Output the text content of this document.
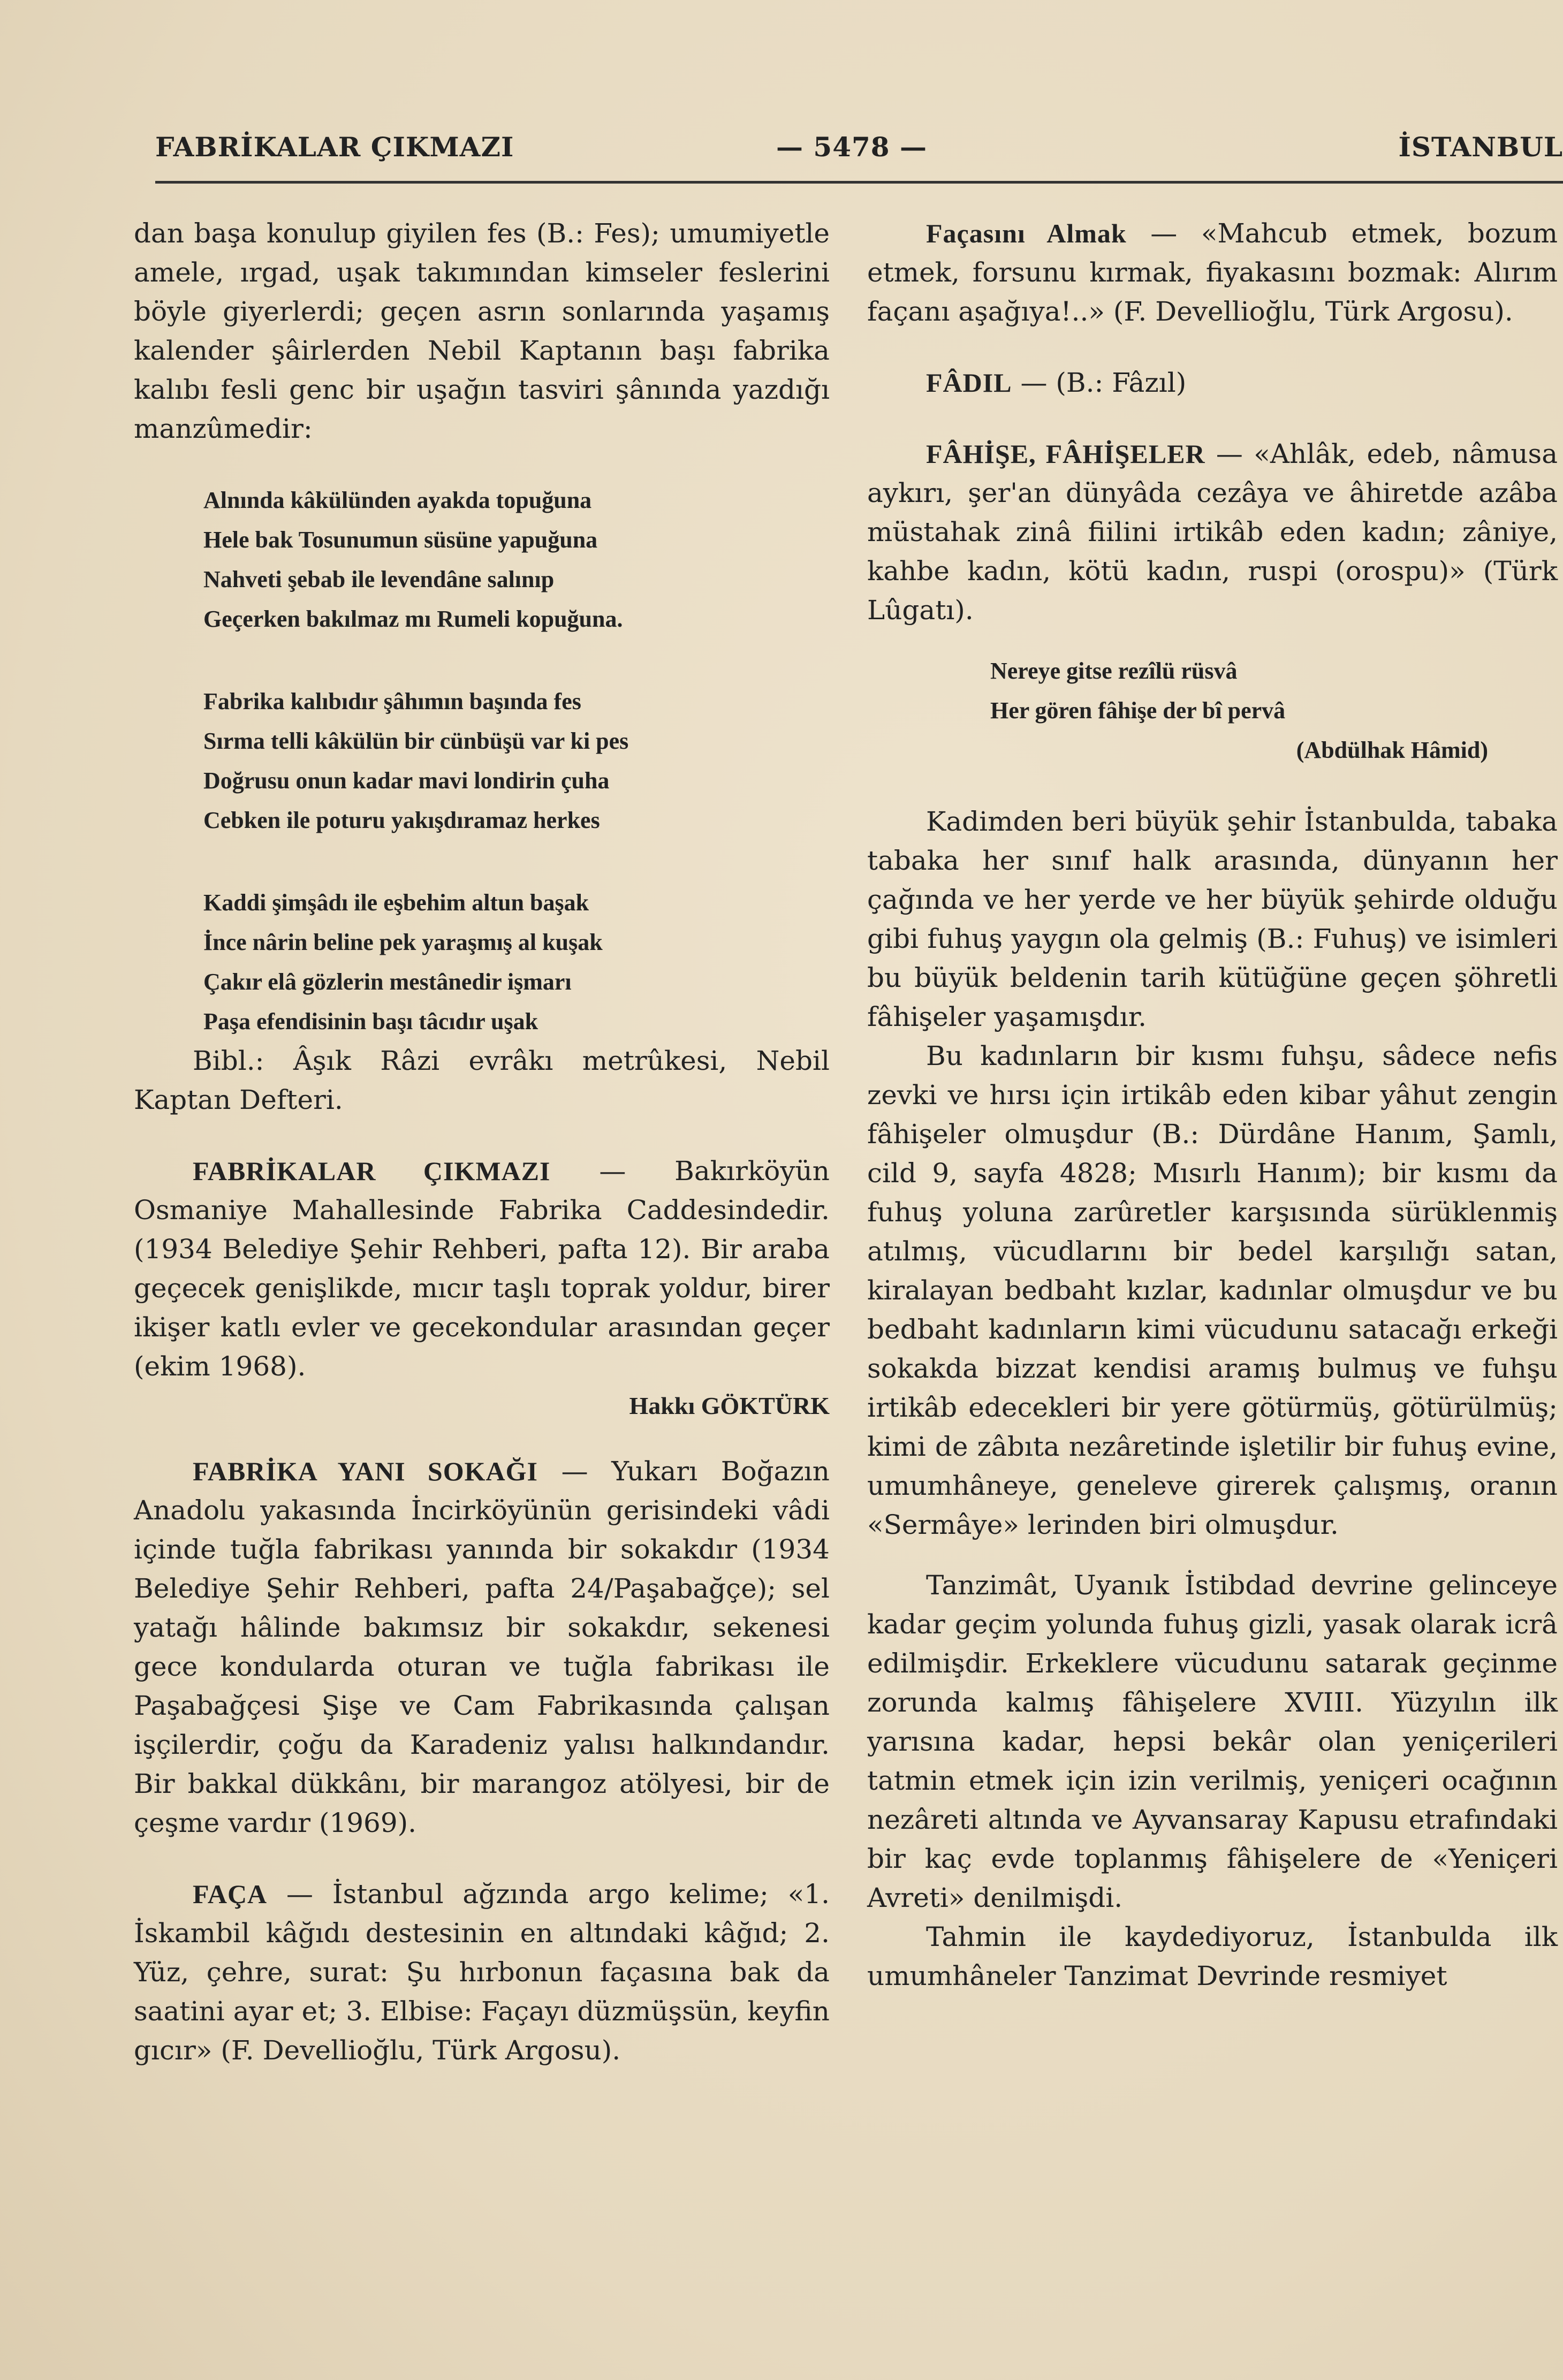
FABRİKALAR ÇIKMAZI	— 5478 —	İSTANBUL

dan başa konulup giyilen fes (B.: Fes); umumiyetle amele, ırgad, uşak takımından kimseler feslerini böyle giyerlerdi; geçen asrın sonlarında yaşamış kalender şâirlerden Nebil Kaptanın başı fabrika kalıbı fesli genc bir uşağın tasviri şânında yazdığı manzûmedir:

Alnında kâkülünden ayakda topuğuna
Hele bak Tosunumun süsüne yapuğuna
Nahveti şebab ile levendâne salınıp
Geçerken bakılmaz mı Rumeli kopuğuna.
Fabrika kalıbıdır şâhımın başında fes
Sırma telli kâkülün bir cünbüşü var ki pes
Doğrusu onun kadar mavi londirin çuha
Cebken ile poturu yakışdıramaz herkes
Kaddi şimşâdı ile eşbehim altun başak
İnce nârin beline pek yaraşmış al kuşak
Çakır elâ gözlerin mestânedir işmarı
Paşa efendisinin başı tâcıdır uşak

Bibl.: Âşık Râzi evrâkı metrûkesi, Nebil Kaptan Defteri.

FABRİKALAR ÇIKMAZI — Bakırköyün Osmaniye Mahallesinde Fabrika Caddesindedir. (1934 Belediye Şehir Rehberi, pafta 12). Bir araba geçecek genişlikde, mıcır taşlı toprak yoldur, birer ikişer katlı evler ve gecekondular arasından geçer (ekim 1968).

Hakkı GÖKTÜRK

FABRİKA YANI SOKAĞI — Yukarı Boğazın Anadolu yakasında İncirköyünün gerisindeki vâdi içinde tuğla fabrikası yanında bir sokakdır (1934 Belediye Şehir Rehberi, pafta 24/Paşabağçe); sel yatağı hâlinde bakımsız bir sokakdır, sekenesi gece kondularda oturan ve tuğla fabrikası ile Paşabağçesi Şişe ve Cam Fabrikasında çalışan işçilerdir, çoğu da Karadeniz yalısı halkındandır. Bir bakkal dükkânı, bir marangoz atölyesi, bir de çeşme vardır (1969).

FAÇA — İstanbul ağzında argo kelime; «1. İskambil kâğıdı destesinin en altındaki kâğıd; 2. Yüz, çehre, surat: Şu hırbonun façasına bak da saatini ayar et; 3. Elbise: Façayı düzmüşsün, keyfin gıcır» (F. Devellioğlu, Türk Argosu).

Façasını Almak — «Mahcub etmek, bozum etmek, forsunu kırmak, fiyakasını bozmak: Alırım façanı aşağıya!..» (F. Devellioğlu, Türk Argosu).

FÂDIL — (B.: Fâzıl)

FÂHİŞE, FÂHİŞELER — «Ahlâk, edeb, nâmusa aykırı, şer'an dünyâda cezâya ve âhiretde azâba müstahak zinâ fiilini irtikâb eden kadın; zâniye, kahbe kadın, kötü kadın, ruspi (orospu)» (Türk Lûgatı).

Nereye gitse rezîlü rüsvâ
Her gören fâhişe der bî pervâ
(Abdülhak Hâmid)

Kadimden beri büyük şehir İstanbulda, tabaka tabaka her sınıf halk arasında, dünyanın her çağında ve her yerde ve her büyük şehirde olduğu gibi fuhuş yaygın ola gelmiş (B.: Fuhuş) ve isimleri bu büyük beldenin tarih kütüğüne geçen şöhretli fâhişeler yaşamışdır.

Bu kadınların bir kısmı fuhşu, sâdece nefis zevki ve hırsı için irtikâb eden kibar yâhut zengin fâhişeler olmuşdur (B.: Dürdâne Hanım, Şamlı, cild 9, sayfa 4828; Mısırlı Hanım); bir kısmı da fuhuş yoluna zarûretler karşısında sürüklenmiş atılmış, vücudlarını bir bedel karşılığı satan, kiralayan bedbaht kızlar, kadınlar olmuşdur ve bu bedbaht kadınların kimi vücudunu satacağı erkeği sokakda bizzat kendisi aramış bulmuş ve fuhşu irtikâb edecekleri bir yere götürmüş, götürülmüş; kimi de zâbıta nezâretinde işletilir bir fuhuş evine, umumhâneye, geneleve girerek çalışmış, oranın «Sermâye» lerinden biri olmuşdur.

Tanzimât, Uyanık İstibdad devrine gelinceye kadar geçim yolunda fuhuş gizli, yasak olarak icrâ edilmişdir. Erkeklere vücudunu satarak geçinme zorunda kalmış fâhişelere XVIII. Yüzyılın ilk yarısına kadar, hepsi bekâr olan yeniçerileri tatmin etmek için izin verilmiş, yeniçeri ocağının nezâreti altında ve Ayvansaray Kapusu etrafındaki bir kaç evde toplanmış fâhişelere de «Yeniçeri Avreti» denilmişdi.

Tahmin ile kaydediyoruz, İstanbulda ilk umumhâneler Tanzimat Devrinde resmiyet
